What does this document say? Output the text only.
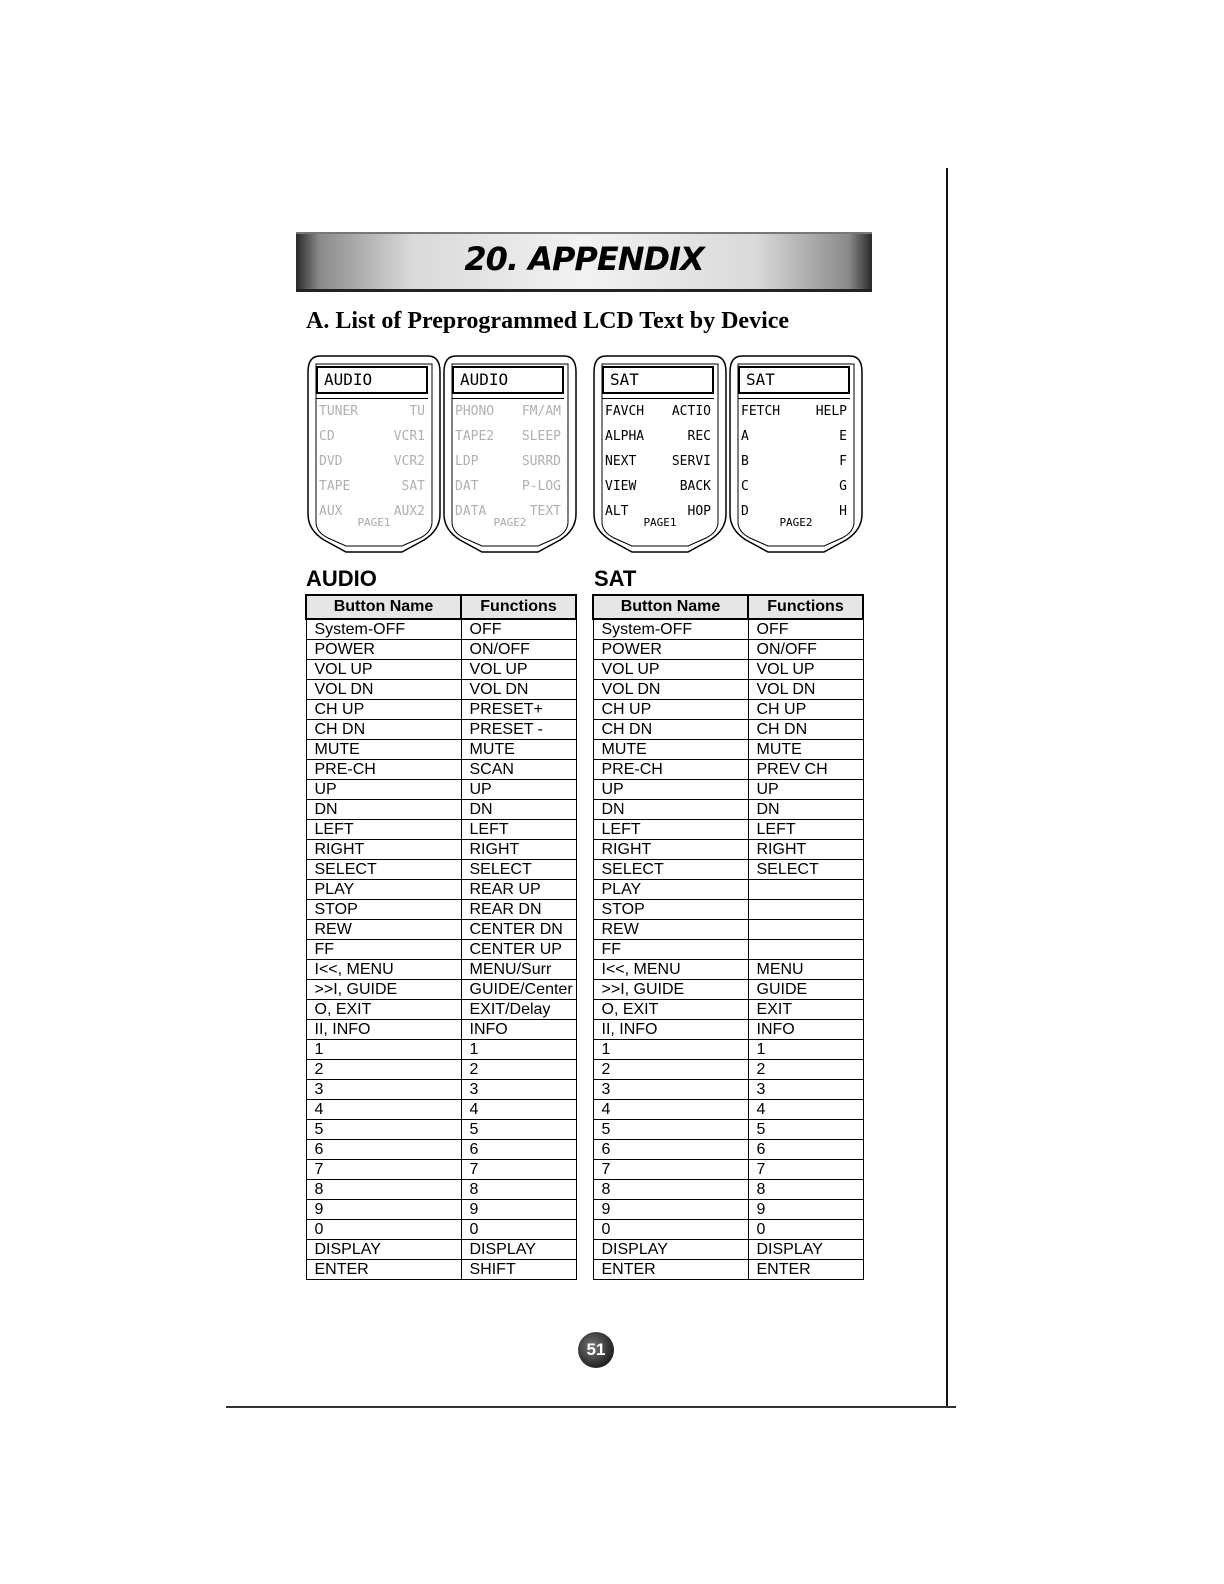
20. APPENDIX
A. List of Preprogrammed LCD Text by Device
AUDIO
TUNER	TU
CD	VCR1
DVD	VCR2
TAPE	SAT
AUX	AUX2
PAGE1
AUDIO
PHONO FM/AM
TAPE2 SLEEP
LDP	SURRD
DAT	P-LOG
DATA	TEXT
PAGE2
SAT
FAVCH ACTIO
ALPHA	REC
NEXT	SERVI
VIEW	BACK
ALT	HOP
PAGE1
SAT
FETCH	HELP
A	E
B	F
C	G
D	H
PAGE2
AUDIO	SAT
Button Name	Functions
System-OFF	OFF
POWER	ON/OFF
VOL UP	VOL UP
VOL DN	VOL DN
CH UP	PRESET+
CH DN	PRESET -
MUTE	MUTE
PRE-CH	SCAN
UP	UP
DN	DN
LEFT	LEFT
RIGHT	RIGHT
SELECT	SELECT
PLAY	REAR UP
STOP	REAR DN
REW	CENTER DN
FF	CENTER UP
I<<, MENU	MENU/Surr
>>I, GUIDE	GUIDE/Center
O, EXIT	EXIT/Delay
II, INFO	INFO
1	1
2	2
3	3
4	4
5	5
6	6
7	7
8	8
9	9
0	0
DISPLAY	DISPLAY
ENTER	SHIFT
Button Name	Functions
System-OFF	OFF
POWER	ON/OFF
VOL UP	VOL UP
VOL DN	VOL DN
CH UP	CH UP
CH DN	CH DN
MUTE	MUTE
PRE-CH	PREV CH
UP	UP
DN	DN
LEFT	LEFT
RIGHT	RIGHT
SELECT	SELECT
PLAY	
STOP	
REW	
FF	
I<<, MENU	MENU
>>I, GUIDE	GUIDE
O, EXIT	EXIT
II, INFO	INFO
1	1
2	2
3	3
4	4
5	5
6	6
7	7
8	8
9	9
0	0
DISPLAY	DISPLAY
ENTER	ENTER
51
